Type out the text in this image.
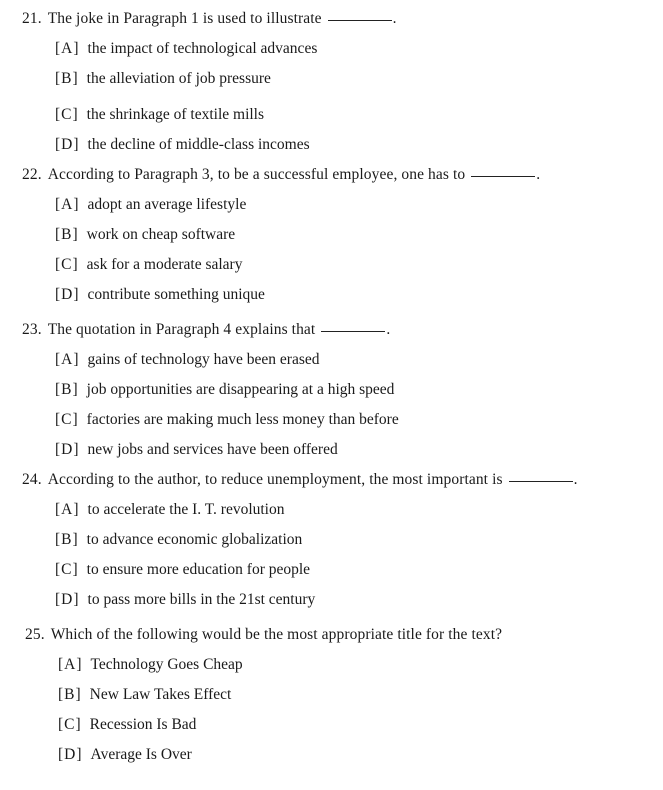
21. The joke in Paragraph 1 is used to illustrate	.
[A] the impact of technological advances
[B] the alleviation of job pressure
[C] the shrinkage of textile mills
[D] the decline of middle-class incomes
22. According to Paragraph 3, to be a successful employee, one has to	.
[A] adopt an average lifestyle
[B] work on cheap software
[C] ask for a moderate salary
[D] contribute something unique
23. The quotation in Paragraph 4 explains that	.
[A] gains of technology have been erased
[B] job opportunities are disappearing at a high speed
[C] factories are making much less money than before
[D] new jobs and services have been offered
24. According to the author, to reduce unemployment, the most important is	.
[A] to accelerate the I. T. revolution
[B] to advance economic globalization
[C] to ensure more education for people
[D] to pass more bills in the 21st century
25. Which of the following would be the most appropriate title for the text?
[A] Technology Goes Cheap
[B] New Law Takes Effect
[C] Recession Is Bad
[D] Average Is Over
